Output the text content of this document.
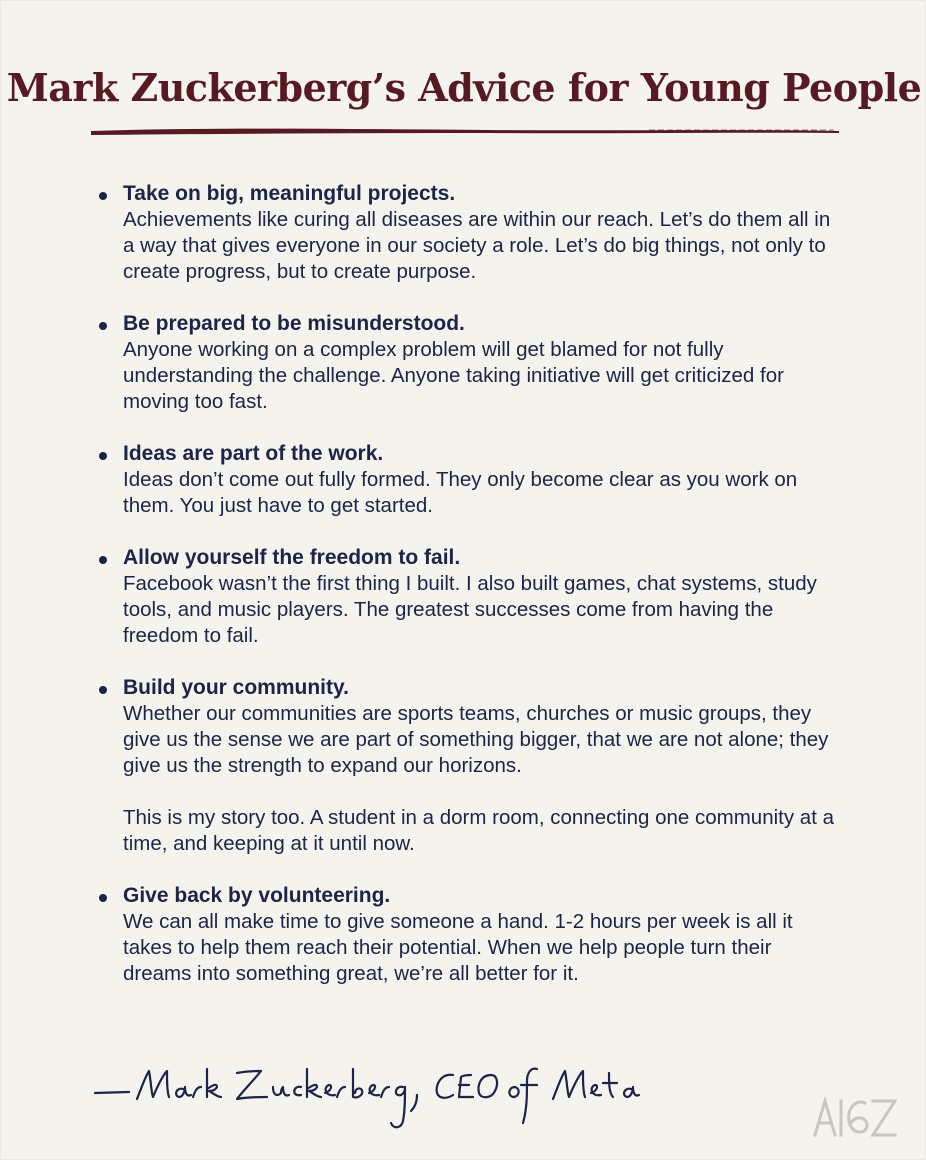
Mark Zuckerberg’s Advice for Young People
Take on big, meaningful projects.
Achievements like curing all diseases are within our reach. Let’s do them all in a way that gives everyone in our society a role. Let’s do big things, not only to create progress, but to create purpose.
Be prepared to be misunderstood.
Anyone working on a complex problem will get blamed for not fully understanding the challenge. Anyone taking initiative will get criticized for moving too fast.
Ideas are part of the work.
Ideas don’t come out fully formed. They only become clear as you work on them. You just have to get started.
Allow yourself the freedom to fail.
Facebook wasn’t the first thing I built. I also built games, chat systems, study tools, and music players. The greatest successes come from having the freedom to fail.
Build your community.
Whether our communities are sports teams, churches or music groups, they give us the sense we are part of something bigger, that we are not alone; they give us the strength to expand our horizons.
This is my story too. A student in a dorm room, connecting one community at a time, and keeping at it until now.
Give back by volunteering.
We can all make time to give someone a hand. 1-2 hours per week is all it takes to help them reach their potential. When we help people turn their dreams into something great, we’re all better for it.
